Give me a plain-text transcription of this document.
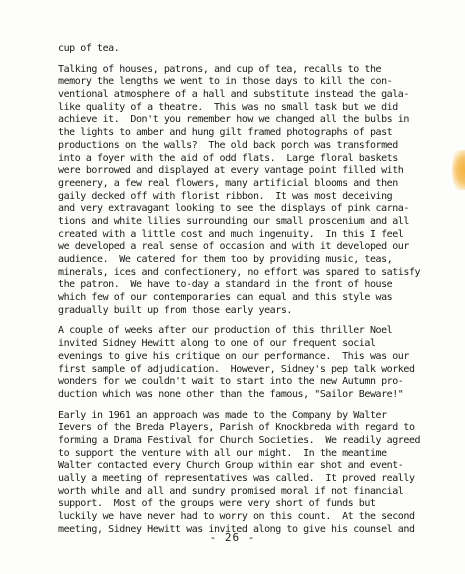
cup of tea.
Talking of houses, patrons, and cup of tea, recalls to the
memory the lengths we went to in those days to kill the con-
ventional atmosphere of a hall and substitute instead the gala-
like quality of a theatre.  This was no small task but we did
achieve it.  Don't you remember how we changed all the bulbs in
the lights to amber and hung gilt framed photographs of past
productions on the walls?  The old back porch was transformed
into a foyer with the aid of odd flats.  Large floral baskets
were borrowed and displayed at every vantage point filled with
greenery, a few real flowers, many artificial blooms and then
gaily decked off with florist ribbon.  It was most deceiving
and very extravagant looking to see the displays of pink carna-
tions and white lilies surrounding our small proscenium and all
created with a little cost and much ingenuity.  In this I feel
we developed a real sense of occasion and with it developed our
audience.  We catered for them too by providing music, teas,
minerals, ices and confectionery, no effort was spared to satisfy
the patron.  We have to-day a standard in the front of house
which few of our contemporaries can equal and this style was
gradually built up from those early years.
A couple of weeks after our production of this thriller Noel
invited Sidney Hewitt along to one of our frequent social
evenings to give his critique on our performance.  This was our
first sample of adjudication.  However, Sidney's pep talk worked
wonders for we couldn't wait to start into the new Autumn pro-
duction which was none other than the famous, "Sailor Beware!"
Early in 1961 an approach was made to the Company by Walter
Ievers of the Breda Players, Parish of Knockbreda with regard to
forming a Drama Festival for Church Societies.  We readily agreed
to support the venture with all our might.  In the meantime
Walter contacted every Church Group within ear shot and event-
ually a meeting of representatives was called.  It proved really
worth while and all and sundry promised moral if not financial
support.  Most of the groups were very short of funds but
luckily we have never had to worry on this count.  At the second
meeting, Sidney Hewitt was invited along to give his counsel and
- 26 -
